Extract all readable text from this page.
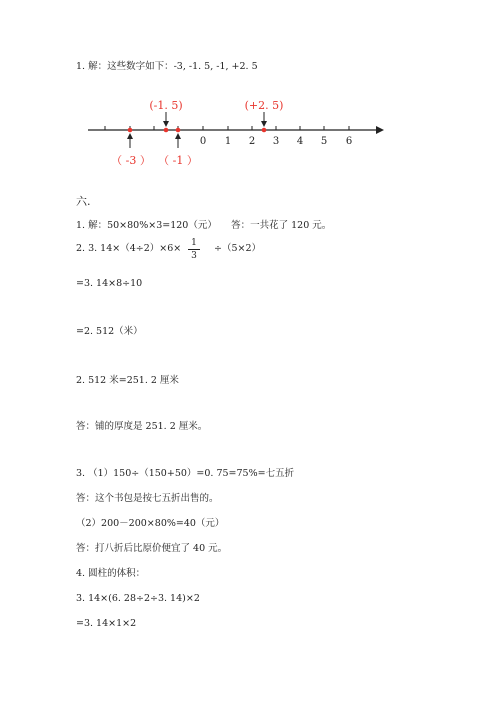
1. 解：这些数字如下：-3, -1. 5, -1, +2. 5
0 1 2 3 4 5 6
(-1. 5)	(+2. 5)
（ -3 ） （ -1 ）
六.
1. 解：50×80%×3=120（元）　　答：一共花了 120 元。
2. 3. 14×（4÷2）×6×	1
3
÷（5×2）
=3. 14×8÷10
=2. 512（米）
2. 512 米=251. 2 厘米
答：铺的厚度是 251. 2 厘米。
3. （1）150÷（150+50）=0. 75=75%=七五折
答：这个书包是按七五折出售的。
（2）200－200×80%=40（元）
答：打八折后比原价便宜了 40 元。
4. 圆柱的体积：
3. 14×(6. 28÷2÷3. 14)×2
=3. 14×1×2
